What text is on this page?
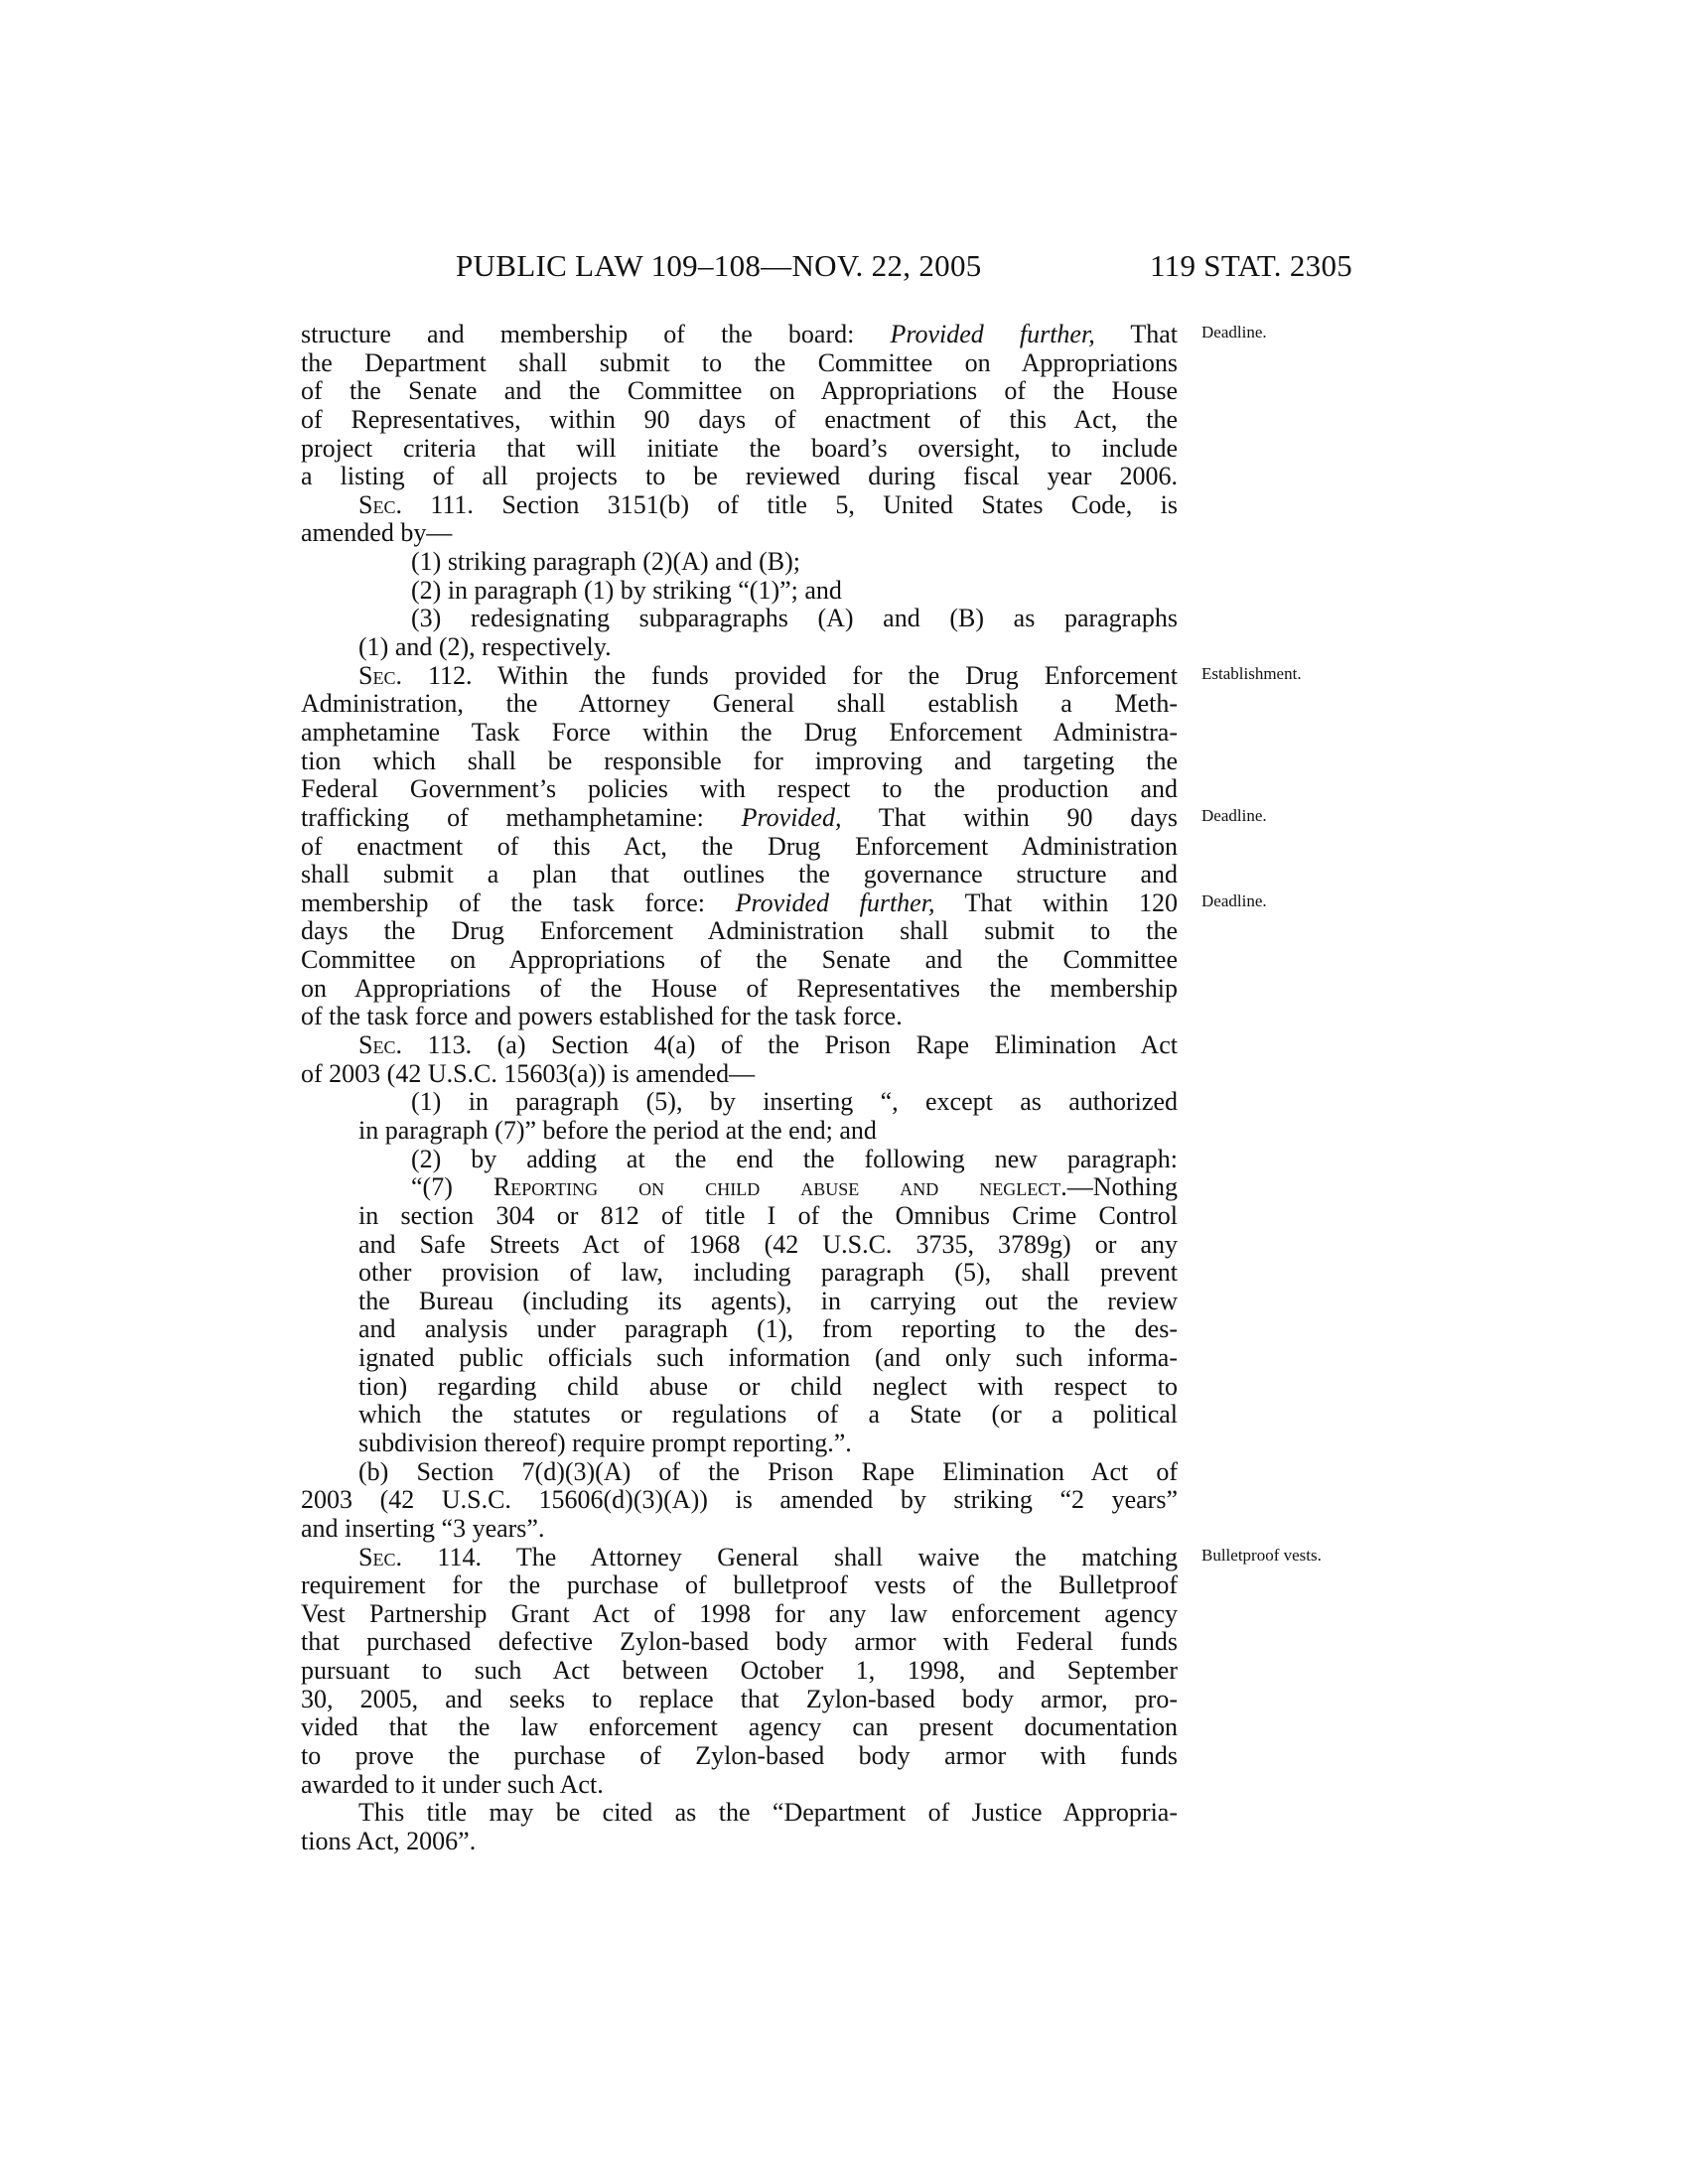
PUBLIC LAW 109–108—NOV. 22, 2005	119 STAT. 2305
structure and membership of the board: Provided further, That
the Department shall submit to the Committee on Appropriations
of the Senate and the Committee on Appropriations of the House
of Representatives, within 90 days of enactment of this Act, the
project criteria that will initiate the board’s oversight, to include
a listing of all projects to be reviewed during fiscal year 2006.
Sec. 111. Section 3151(b) of title 5, United States Code, is
amended by—
(1) striking paragraph (2)(A) and (B);
(2) in paragraph (1) by striking “(1)”; and
(3) redesignating subparagraphs (A) and (B) as paragraphs
(1) and (2), respectively.
Sec. 112. Within the funds provided for the Drug Enforcement
Administration, the Attorney General shall establish a Meth-
amphetamine Task Force within the Drug Enforcement Administra-
tion which shall be responsible for improving and targeting the
Federal Government’s policies with respect to the production and
trafficking of methamphetamine: Provided, That within 90 days
of enactment of this Act, the Drug Enforcement Administration
shall submit a plan that outlines the governance structure and
membership of the task force: Provided further, That within 120
days the Drug Enforcement Administration shall submit to the
Committee on Appropriations of the Senate and the Committee
on Appropriations of the House of Representatives the membership
of the task force and powers established for the task force.
Sec. 113. (a) Section 4(a) of the Prison Rape Elimination Act
of 2003 (42 U.S.C. 15603(a)) is amended—
(1) in paragraph (5), by inserting “, except as authorized
in paragraph (7)” before the period at the end; and
(2) by adding at the end the following new paragraph:
“(7) Reporting on child abuse and neglect.—Nothing
in section 304 or 812 of title I of the Omnibus Crime Control
and Safe Streets Act of 1968 (42 U.S.C. 3735, 3789g) or any
other provision of law, including paragraph (5), shall prevent
the Bureau (including its agents), in carrying out the review
and analysis under paragraph (1), from reporting to the des-
ignated public officials such information (and only such informa-
tion) regarding child abuse or child neglect with respect to
which the statutes or regulations of a State (or a political
subdivision thereof) require prompt reporting.”.
(b) Section 7(d)(3)(A) of the Prison Rape Elimination Act of
2003 (42 U.S.C. 15606(d)(3)(A)) is amended by striking “2 years”
and inserting “3 years”.
Sec. 114. The Attorney General shall waive the matching
requirement for the purchase of bulletproof vests of the Bulletproof
Vest Partnership Grant Act of 1998 for any law enforcement agency
that purchased defective Zylon-based body armor with Federal funds
pursuant to such Act between October 1, 1998, and September
30, 2005, and seeks to replace that Zylon-based body armor, pro-
vided that the law enforcement agency can present documentation
to prove the purchase of Zylon-based body armor with funds
awarded to it under such Act.
This title may be cited as the “Department of Justice Appropria-
tions Act, 2006”.
Deadline.
Establishment.
Deadline.
Deadline.
Bulletproof vests.
